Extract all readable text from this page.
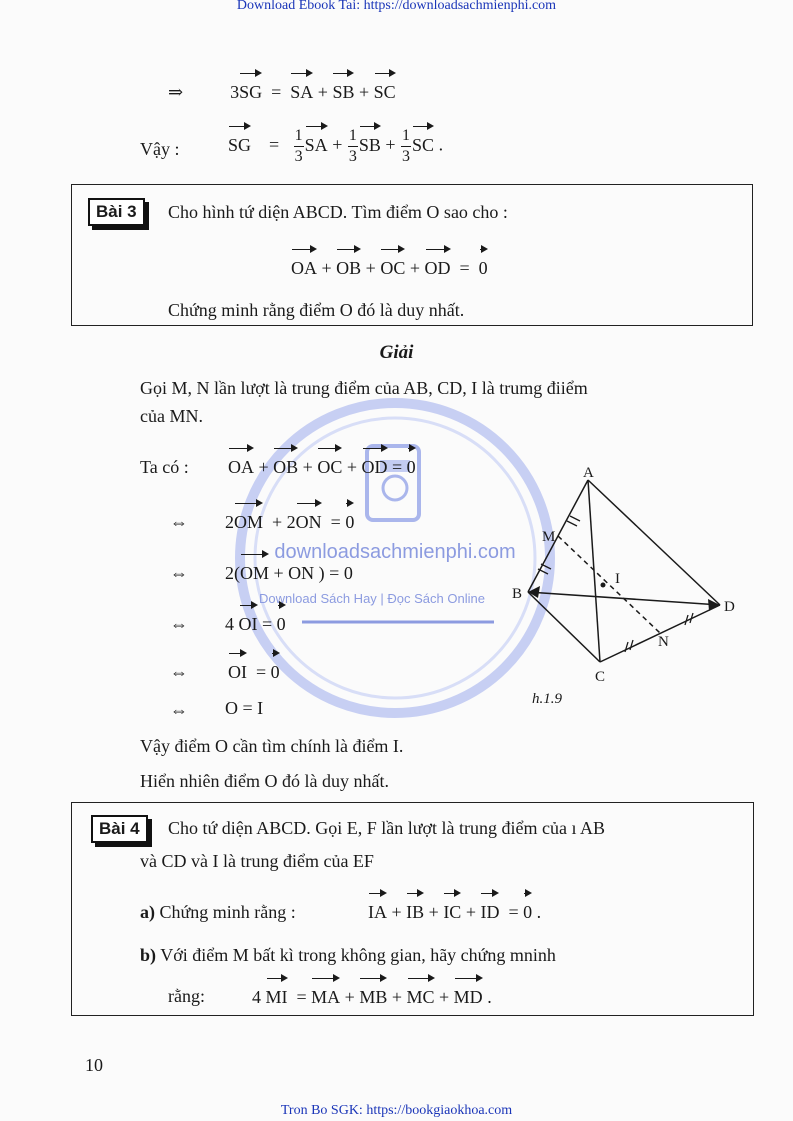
Download Ebook Tai: https://downloadsachmienphi.com
Tron Bo SGK: https://bookgiaokhoa.com
downloadsachmienphi.com
Download Sách Hay | Đọc Sách Online
⇒	3SG  =  SA + SB + SC
Vậy :	SG    = $\frac{1}{3}$ SA + $\frac{1}{3}$ SB + $\frac{1}{3}$ SC .
Bài 3	Cho hình tứ diện ABCD. Tìm điểm O sao cho :
OA + OB + OC + OD  =  0
Chứng minh rằng điểm O đó là duy nhất.
Giải
Gọi M, N lần lượt là trung điểm của AB, CD, I là trumg điiểm
của MN.
Ta có : OA + OB + OC + OD = 0
⇔ 2OM  + 2ON  = 0
⇔ 2(OM + ON ) = 0
⇔ 4 OI = 0
⇔ OI  = 0
⇔ O = I
Vậy điểm O cần tìm chính là điểm I.
Hiển nhiên điểm O đó là duy nhất.
A
B
C
D
M
N
I
h.1.9
Bài 4	Cho tứ diện ABCD. Gọi E, F lần lượt là trung điểm của ı AB
và CD và I là trung điểm của EF
a) Chứng minh rằng :	IA + IB + IC + ID  = 0 .
b) Với điểm M bất kì trong không gian, hãy chứng mninh
rằng:	4 MI  = MA + MB + MC + MD .
10
